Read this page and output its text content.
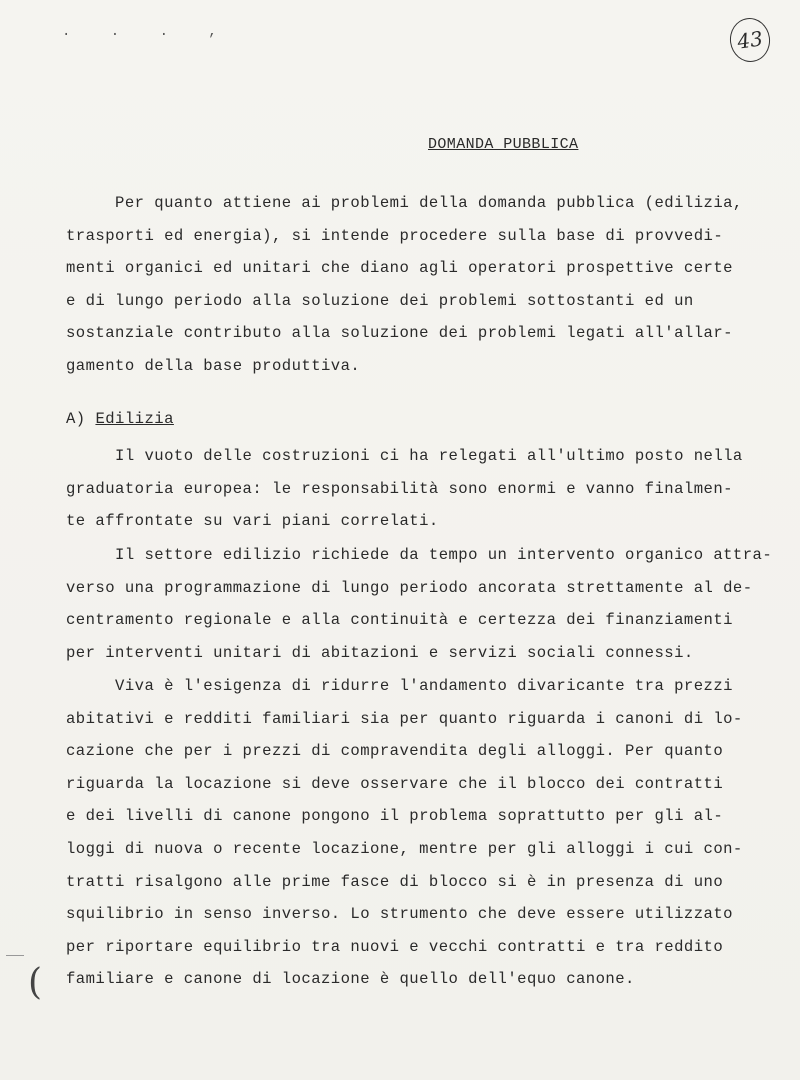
. . . ,	43
DOMANDA PUBBLICA
Per quanto attiene ai problemi della domanda pubblica (edilizia,
trasporti ed energia), si intende procedere sulla base di provvedi-
menti organici ed unitari che diano agli operatori prospettive certe
e di lungo periodo alla soluzione dei problemi sottostanti ed un
sostanziale contributo alla soluzione dei problemi legati all'allar-
gamento della base produttiva.
A) Edilizia
Il vuoto delle costruzioni ci ha relegati all'ultimo posto nella
graduatoria europea: le responsabilità sono enormi e vanno finalmen-
te affrontate su vari piani correlati.
Il settore edilizio richiede da tempo un intervento organico attra-
verso una programmazione di lungo periodo ancorata strettamente al de-
centramento regionale e alla continuità e certezza dei finanziamenti
per interventi unitari di abitazioni e servizi sociali connessi.
Viva è l'esigenza di ridurre l'andamento divaricante tra prezzi
abitativi e redditi familiari sia per quanto riguarda i canoni di lo-
cazione che per i prezzi di compravendita degli alloggi. Per quanto
riguarda la locazione si deve osservare che il blocco dei contratti
e dei livelli di canone pongono il problema soprattutto per gli al-
loggi di nuova o recente locazione, mentre per gli alloggi i cui con-
tratti risalgono alle prime fasce di blocco si è in presenza di uno
squilibrio in senso inverso. Lo strumento che deve essere utilizzato
per riportare equilibrio tra nuovi e vecchi contratti e tra reddito
familiare e canone di locazione è quello dell'equo canone.
(
